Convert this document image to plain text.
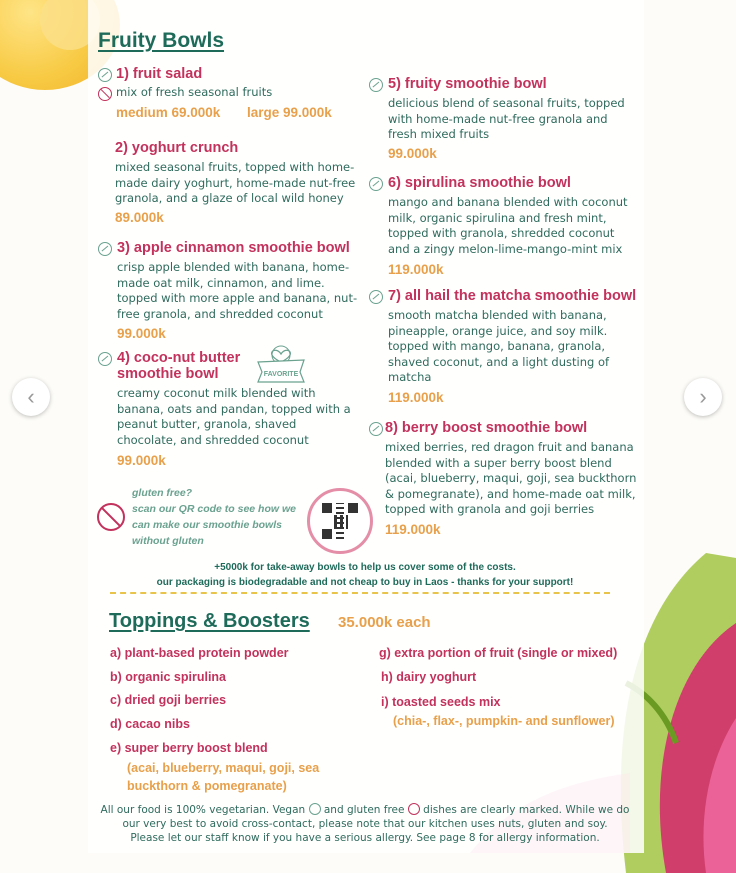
Fruity Bowls
1) fruit salad
mix of fresh seasonal fruits
medium 69.000k large 99.000k
2) yoghurt crunch
mixed seasonal fruits, topped with home-made dairy yoghurt, home-made nut-free granola, and a glaze of local wild honey
89.000k
3) apple cinnamon smoothie bowl
crisp apple blended with banana, home-made oat milk, cinnamon, and lime. topped with more apple and banana, nut-free granola, and shredded coconut
99.000k
4) coco-nut butter
smoothie bowl	FAVORITE
creamy coconut milk blended with banana, oats and pandan, topped with a peanut butter, granola, shaved chocolate, and shredded coconut
99.000k
5) fruity smoothie bowl
delicious blend of seasonal fruits, topped with home-made nut-free granola and fresh mixed fruits
99.000k
6) spirulina smoothie bowl
mango and banana blended with coconut milk, organic spirulina and fresh mint, topped with granola, shredded coconut and a zingy melon-lime-mango-mint mix
119.000k
7) all hail the matcha smoothie bowl
smooth matcha blended with banana, pineapple, orange juice, and soy milk. topped with mango, banana, granola, shaved coconut, and a light dusting of matcha
119.000k
8) berry boost smoothie bowl
mixed berries, red dragon fruit and banana blended with a super berry boost blend (acai, blueberry, maqui, goji, sea buckthorn & pomegranate), and home-made oat milk, topped with granola and goji berries
119.000k
gluten free?
scan our QR code to see how we can make our smoothie bowls without gluten
+5000k for take-away bowls to help us cover some of the costs.
our packaging is biodegradable and not cheap to buy in Laos - thanks for your support!
Toppings & Boosters 35.000k each
a) plant-based protein powder
b) organic spirulina
c) dried goji berries
d) cacao nibs
e) super berry boost blend
(acai, blueberry, maqui, goji, sea buckthorn & pomegranate)
g) extra portion of fruit (single or mixed)
h) dairy yoghurt
i) toasted seeds mix
(chia-, flax-, pumpkin- and sunflower)
All our food is 100% vegetarian. Vegan and gluten free dishes are clearly marked. While we do our very best to avoid cross-contact, please note that our kitchen uses nuts, gluten and soy.
Please let our staff know if you have a serious allergy. See page 8 for allergy information.
‹	›
